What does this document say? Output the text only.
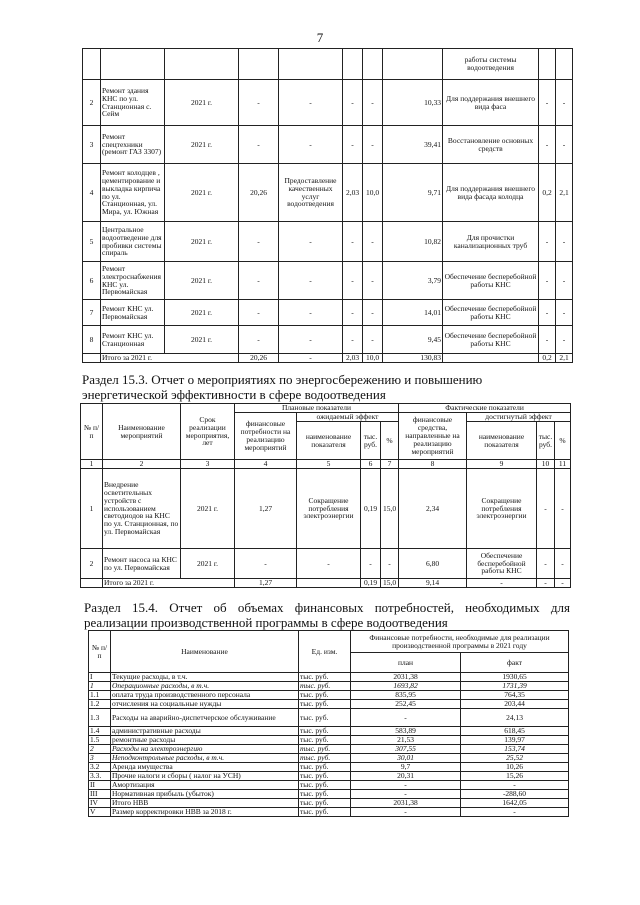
7
								работы системы водоотведения		
2	Ремонт здания КНС по ул. Станционная с. Сейм	2021 г.	-	-	-	-	10,33	Для поддержания внешнего вида фаса	-	-
3	Ремонт спецтехники (ремонт ГАЗ 3307)	2021 г.	-	-	-	-	39,41	Восстановление основных средств	-	-
4	Ремонт колодцев , цементирование и выкладка кирпича по ул. Станционная, ул. Мира, ул. Южная	2021 г.	20,26	Предоставление качественных услуг водоотведения	2,03	10,0	9,71	Для поддержания внешнего вида фасада колодца	0,2	2,1
5	Центральное водоотведение для пробивки системы спираль	2021 г.	-	-	-	-	10,82	Для прочистки канализационных труб	-	-
6	Ремонт электроснабжения КНС ул. Первомайская	2021 г.	-	-	-	-	3,79	Обеспечение бесперебойной работы КНС	-	-
7	Ремонт КНС ул. Первомайская	2021 г.	-	-	-	-	14,01	Обеспечение бесперебойной работы КНС	-	-
8	Ремонт КНС ул. Станционная	2021 г.	-	-	-	-	9,45	Обеспечение бесперебойной работы КНС	-	-
	Итого за 2021 г.		20,26	-	2,03	10,0	130,83		0,2	2,1
Раздел 15.3. Отчет о мероприятиях по энергосбережению и повышению
энергетической эффективности в сфере водоотведения
№ п/ п	Наименование мероприятий	Срок реализации мероприятия, лет	Плановые показатели				Фактические показатели			
			финансовые потребности на реализацию мероприятий	ожидаемый эффект			финансовые средства, направленные на реализацию мероприятий	достигнутый эффект		
				наименование показателя	тыс. руб.	%		наименование показателя	тыс. руб.	%
1	2	3	4	5	6	7	8	9	10	11
1	Внедрение осветительных устройств с использованием светодиодов на КНС по ул. Станционная, по ул. Первомайская	2021 г.	1,27	Сокращение потребления электроэнергии	0,19	15,0	2,34	Сокращение потребления электроэнергии	-	-
2	Ремонт насоса на КНС по ул. Первомайская	2021 г.	-	-	-	-	6,80	Обеспечение бесперебойной работы КНС	-	-
	Итого за 2021 г.		1,27		0,19	15,0	9,14	-	-	-
Раздел 15.4. Отчет об объемах финансовых потребностей, необходимых для
реализации производственной программы в сфере водоотведения
№ п/п	Наименование	Ед. изм.	Финансовые потребности, необходимые для реализации производственной программы в 2021 году	
			план	факт
I	Текущие расходы, в т.ч.	тыс. руб.	2031,38	1930,65
1	Операционные расходы, в т.ч.	тыс. руб.	1693,82	1731,39
1.1	оплата труда производственного персонала	тыс. руб.	835,95	764,35
1.2	отчисления на социальные нужды	тыс. руб.	252,45	203,44
1.3	Расходы на аварийно-диспетчерское обслуживание	тыс. руб.	-	24,13
1.4	административные расходы	тыс. руб.	583,89	618,45
1.5	ремонтные расходы	тыс. руб.	21,53	139,97
2	Расходы на электроэнергию	тыс. руб.	307,55	153,74
3	Неподконтрольные расходы, в т.ч.	тыс. руб.	30,01	25,52
3.2	Аренда имущества	тыс. руб.	9,7	10,26
3.3.	Прочие налоги и сборы ( налог на УСН)	тыс. руб.	20,31	15,26
II	Амортизация	тыс. руб.	-	-
III	Нормативная прибыль (убыток)	тыс. руб.	-	-288,60
IV	Итого НВВ	тыс. руб.	2031,38	1642,05
V	Размер корректировки НВВ за 2018 г.	тыс. руб.	-	-
